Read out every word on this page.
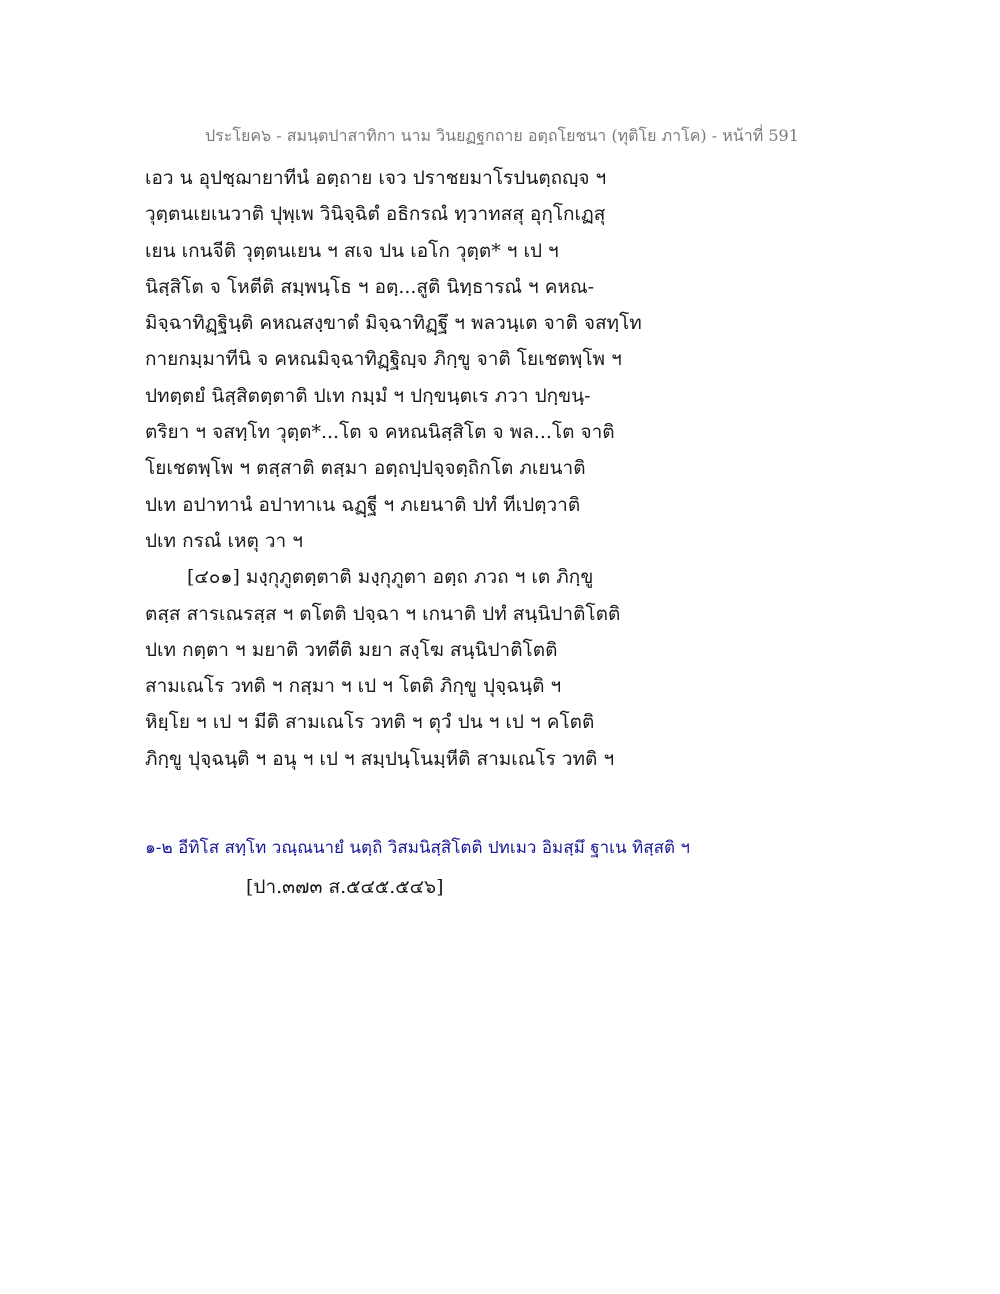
ประโยค๖ - สมนฺตปาสาทิกา นาม วินยฏฐกถาย อตฺถโยชนา (ทุติโย ภาโค) - หน้าที่ 591
เอว น อุปชฺฌายาทีนํ อตฺถาย เจว ปราชยมาโรปนตฺถญฺจ ฯ
วุตฺตนเยเนวาติ ปุพฺเพ วินิจฺฉิตํ อธิกรณํ ทฺวาทสสุ อุกฺโกเฏสุ
เยน เกนจีติ วุตฺตนเยน ฯ สเจ ปน เอโก วุตฺต* ฯ เป ฯ
นิสฺสิโต จ โหตีติ สมฺพนฺโธ ฯ อตฺ...สูติ นิทฺธารณํ ฯ คหณ-
มิจฺฉาทิฏฺฐินฺติ คหณสงฺขาตํ มิจฺฉาทิฏฺฐึ ฯ พลวนฺเต จาติ จสทฺโท
กายกมฺมาทีนิ จ คหณมิจฺฉาทิฏฺฐิญฺจ ภิกฺขู จาติ โยเชตพฺโพ ฯ
ปทตฺตยํ นิสฺสิตตฺตาติ ปเท กมฺมํ ฯ ปกฺขนฺตเร ภวา ปกฺขนฺ-
ตริยา ฯ จสทฺโท วุตฺต*...โต จ คหณนิสฺสิโต จ พล...โต จาติ
โยเชตพฺโพ ฯ ตสฺสาติ ตสฺมา อตฺถปฺปจฺจตฺถิกโต ภเยนาติ
ปเท อปาทานํ อปาทาเน ฉฏฺฐี ฯ ภเยนาติ ปทํ ทีเปตฺวาติ
ปเท กรณํ เหตุ วา ฯ
[๔๐๑] มงฺกุภูตตฺตาติ มงฺกุภูตา อตฺถ ภวถ ฯ เต ภิกฺขู
ตสฺส สารเณรสฺส ฯ ตโตติ ปจฺฉา ฯ เกนาติ ปทํ สนฺนิปาติโตติ
ปเท กตฺตา ฯ มยาติ วทตีติ มยา สงฺโฆ สนฺนิปาติโตติ
สามเณโร วทติ ฯ กสฺมา ฯ เป ฯ โตติ ภิกฺขู ปุจฺฉนฺติ ฯ
หิยฺโย ฯ เป ฯ มีติ สามเณโร วทติ ฯ ตุวํ ปน ฯ เป ฯ คโตติ
ภิกฺขู ปุจฺฉนฺติ ฯ อนุ ฯ เป ฯ สมฺปนฺโนมฺหีติ สามเณโร วทติ ฯ
๑-๒ อีทิโส สทฺโท วณฺณนายํ นตฺถิ วิสมนิสฺสิโตติ ปทเมว อิมสฺมึ ฐาเน ทิสฺสติ ฯ
[ปา.๓๗๓ ส.๕๔๕.๕๔๖]
